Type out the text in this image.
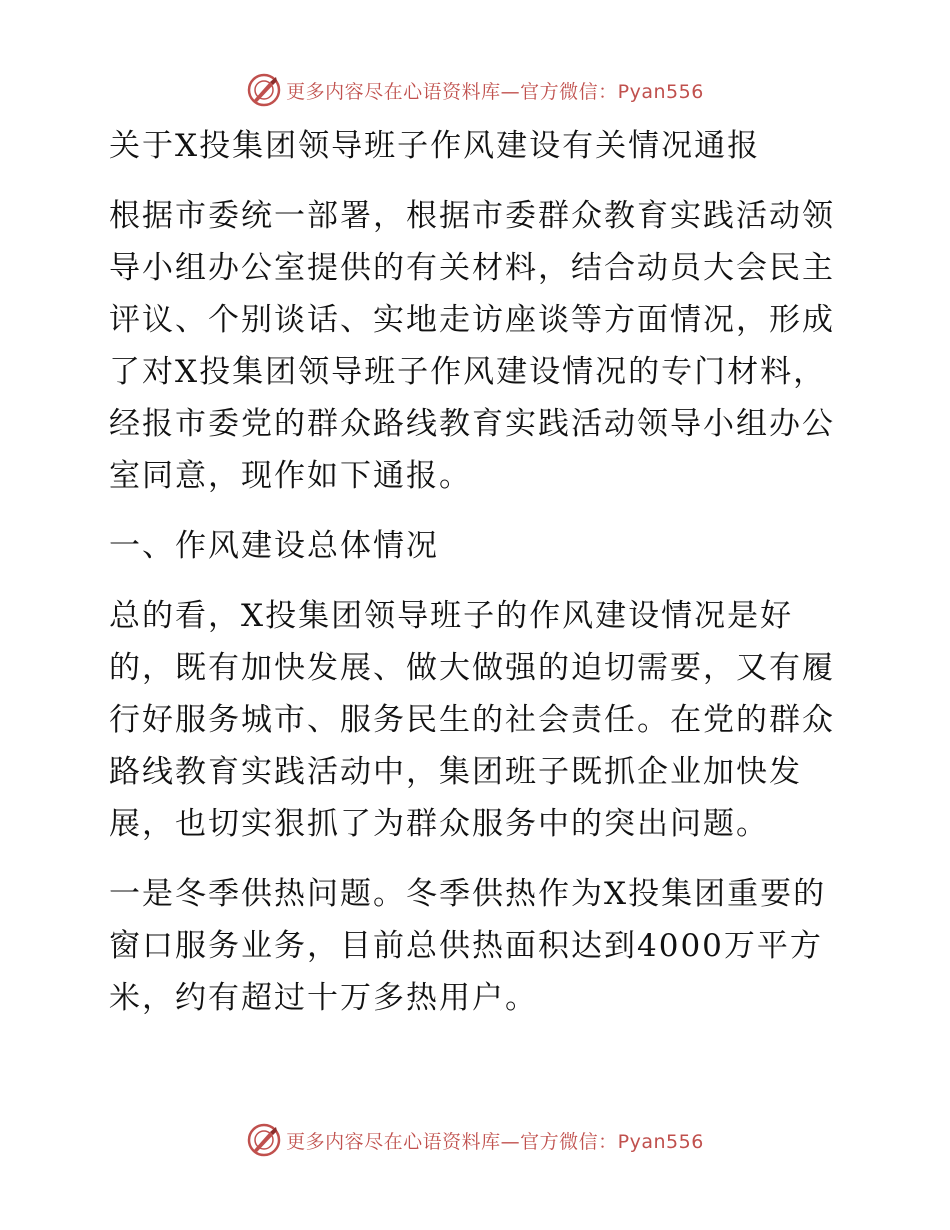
更多内容尽在心语资料库—官方微信：Pyan556

关于X投集团领导班子作风建设有关情况通报

根据市委统一部署，根据市委群众教育实践活动领导小组办公室提供的有关材料，结合动员大会民主评议、个别谈话、实地走访座谈等方面情况，形成了对X投集团领导班子作风建设情况的专门材料，经报市委党的群众路线教育实践活动领导小组办公室同意，现作如下通报。

一、作风建设总体情况

总的看，X投集团领导班子的作风建设情况是好的，既有加快发展、做大做强的迫切需要，又有履行好服务城市、服务民生的社会责任。在党的群众路线教育实践活动中，集团班子既抓企业加快发展，也切实狠抓了为群众服务中的突出问题。

一是冬季供热问题。冬季供热作为X投集团重要的窗口服务业务，目前总供热面积达到4000万平方米，约有超过十万多热用户。

更多内容尽在心语资料库—官方微信：Pyan556
